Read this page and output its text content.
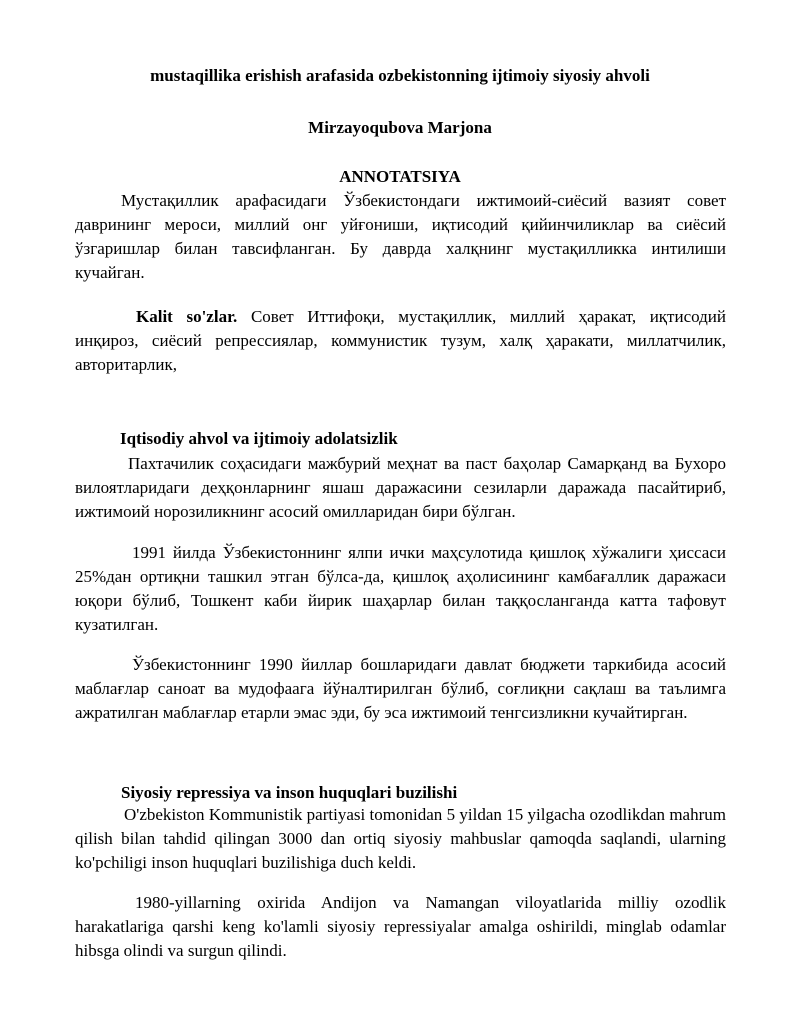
mustaqillika erishish arafasida ozbekistonning ijtimoiy siyosiy ahvoli
Mirzayoqubova Marjona
ANNOTATSIYA
Мустақиллик арафасидаги Ўзбекистондаги ижтимоий-сиёсий вазият совет даврининг мероси, миллий онг уйғониши, иқтисодий қийинчиликлар ва сиёсий ўзгаришлар билан тавсифланган. Бу даврда халқнинг мустақилликка интилиши кучайган.
Kalit so'zlar. Совет Иттифоқи, мустақиллик, миллий ҳаракат, иқтисодий инқироз, сиёсий репрессиялар, коммунистик тузум, халқ ҳаракати, миллатчилик, авторитарлик,
Iqtisodiy ahvol va ijtimoiy adolatsizlik
Пахтачилик соҳасидаги мажбурий меҳнат ва паст баҳолар Самарқанд ва Бухоро вилоятларидаги деҳқонларнинг яшаш даражасини сезиларли даражада пасайтириб, ижтимоий норозиликнинг асосий омилларидан бири бўлган.
1991 йилда Ўзбекистоннинг ялпи ички маҳсулотида қишлоқ хўжалиги ҳиссаси 25%дан ортиқни ташкил этган бўлса-да, қишлоқ аҳолисининг камбағаллик даражаси юқори бўлиб, Тошкент каби йирик шаҳарлар билан таққосланганда катта тафовут кузатилган.
Ўзбекистоннинг 1990 йиллар бошларидаги давлат бюджети таркибида асосий маблағлар саноат ва мудофаага йўналтирилган бўлиб, соғлиқни сақлаш ва таълимга ажратилган маблағлар етарли эмас эди, бу эса ижтимоий тенгсизликни кучайтирган.
Siyosiy repressiya va inson huquqlari buzilishi
O'zbekiston Kommunistik partiyasi tomonidan 5 yildan 15 yilgacha ozodlikdan mahrum qilish bilan tahdid qilingan 3000 dan ortiq siyosiy mahbuslar qamoqda saqlandi, ularning ko'pchiligi inson huquqlari buzilishiga duch keldi.
1980-yillarning oxirida Andijon va Namangan viloyatlarida milliy ozodlik harakatlariga qarshi keng ko'lamli siyosiy repressiyalar amalga oshirildi, minglab odamlar hibsga olindi va surgun qilindi.
